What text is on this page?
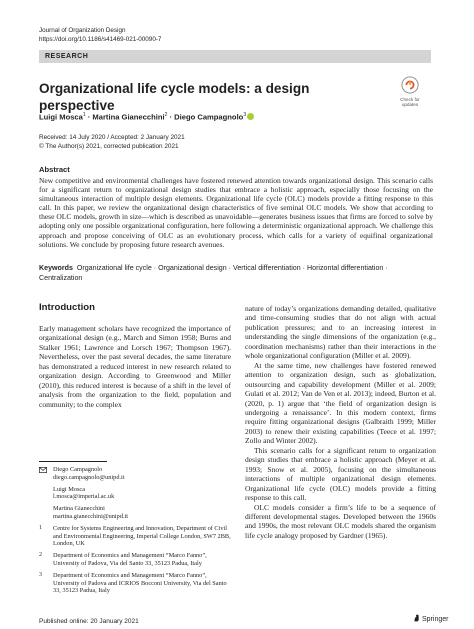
Journal of Organization Design
https://doi.org/10.1186/s41469-021-00090-7
RESEARCH
Check for
updates
Organizational life cycle models: a design perspective
Luigi Mosca$^1$ · Martina Gianecchini$^2$ · Diego Campagnolo$^3$
Received: 14 July 2020 / Accepted: 2 January 2021
© The Author(s) 2021, corrected publication 2021
Abstract
New competitive and environmental challenges have fostered renewed attention towards organizational design. This scenario calls for a significant return to organizational design studies that embrace a holistic approach, especially those focusing on the simultaneous interaction of multiple design elements. Organizational life cycle (OLC) models provide a fitting response to this call. In this paper, we review the organizational design characteristics of five seminal OLC models. We show that according to these OLC models, growth in size—which is described as unavoidable—generates business issues that firms are forced to solve by adopting only one possible organizational configuration, here following a deterministic organizational approach. We challenge this approach and propose conceiving of OLC as an evolutionary process, which calls for a variety of equifinal organizational solutions. We conclude by proposing future research avenues.
Keywords Organizational life cycle · Organizational design · Vertical differentiation · Horizontal differentiation · Centralization
Introduction

Early management scholars have recognized the importance of organizational design (e.g., March and Simon 1958; Burns and Stalker 1961; Lawrence and Lorsch 1967; Thompson 1967). Nevertheless, over the past several decades, the same literature has demonstrated a reduced interest in new research related to organization design. According to Greenwood and Miller (2010), this reduced interest is because of a shift in the level of analysis from the organization to the field, population and community; to the complex

nature of today’s organizations demanding detailed, qualitative and time-consuming studies that do not align with actual publication pressures; and to an increasing interest in understanding the single dimensions of the organization (e.g., coordination mechanisms) rather than their interactions in the whole organizational configuration (Miller et al. 2009).

At the same time, new challenges have fostered renewed attention to organization design, such as globalization, outsourcing and capability development (Miller et al. 2009; Gulati et al. 2012; Van de Ven et al. 2013); indeed, Burton et al. (2020, p. 1) argue that ‘the field of organization design is undergoing a renaissance’. In this modern context, firms require fitting organizational designs (Galbraith 1999; Miller 2003) to renew their existing capabilities (Teece et al. 1997; Zollo and Winter 2002).

This scenario calls for a significant return to organization design studies that embrace a holistic approach (Meyer et al. 1993; Snow et al. 2005), focusing on the simultaneous interactions of multiple organizational design elements. Organizational life cycle (OLC) models provide a fitting response to this call.

OLC models consider a firm’s life to be a sequence of different developmental stages. Developed between the 1960s and 1990s, the most relevant OLC models shared the organism life cycle analogy proposed by Gardner (1965).

Diego Campagnolo
diego.campagnolo@unipd.it
Luigi Mosca
l.mosca@imperial.ac.uk
Martina Gianecchini
martina.gianecchini@unipd.it
1 Centre for Systems Engineering and Innovation, Department of Civil and Environmental Engineering, Imperial College London, SW7 2BB, London, UK
2 Department of Economics and Management “Marco Fanno”, University of Padova, Via del Santo 33, 35123 Padua, Italy
3 Department of Economics and Management “Marco Fanno”, University of Padova and ICRIOS Bocconi University, Via del Santo 33, 35123 Padua, Italy
Published online: 20 January 2021	Springer
